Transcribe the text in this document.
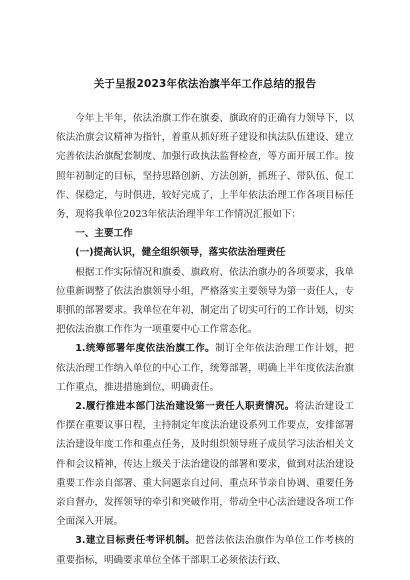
关于呈报2023年依法治旗半年工作总结的报告

今年上半年，依法治旗工作在旗委、旗政府的正确有力领导下，以依法治旗会议精神为指针，着重从抓好班子建设和执法队伍建设、建立完善依法治旗配套制度、加强行政执法监督检查，等方面开展工作。按照年初制定的目标，坚持思路创新、方法创新，抓班子、带队伍、促工作、保稳定，与时俱进，较好完成了，上半年依法治理工作各项目标任务，现将我单位2023年依法治理半年工作情况汇报如下：

一、主要工作

(一)提高认识，健全组织领导，落实依法治理责任

根据工作实际情况和旗委、旗政府、依法治旗办的各项要求，我单位重新调整了依法治旗领导小组，严格落实主要领导为第一责任人，专职抓的部署要求。我单位在年初，制定出了切实可行的工作计划，切实把依法治旗工作作为一项重要中心工作常态化。

1.统筹部署年度依法治旗工作。制订全年依法治理工作计划，把依法治理工作纳入单位的中心工作，统筹部署，明确上半年度依法治旗工作重点，推进措施到位，明确责任。

2.履行推进本部门法治建设第一责任人职责情况。将法治建设工作摆在重要议事日程，主持制定年度法治建设系列工作要点，安排部署法治建设年度工作和重点任务，及时组织领导班子成员学习法治相关文件和会议精神，传达上级关于法治建设的部署和要求，做到对法治建设重要工作亲自部署、重大问题亲自过问、重点环节亲自协调、重要任务亲自督办，发挥领导的牵引和突破作用，带动全中心法治建设各项工作全面深入开展。

3.建立目标责任考评机制。把普法依法治旗作为单位工作考核的重要指标，明确要求单位全体干部职工必须依法行政、
